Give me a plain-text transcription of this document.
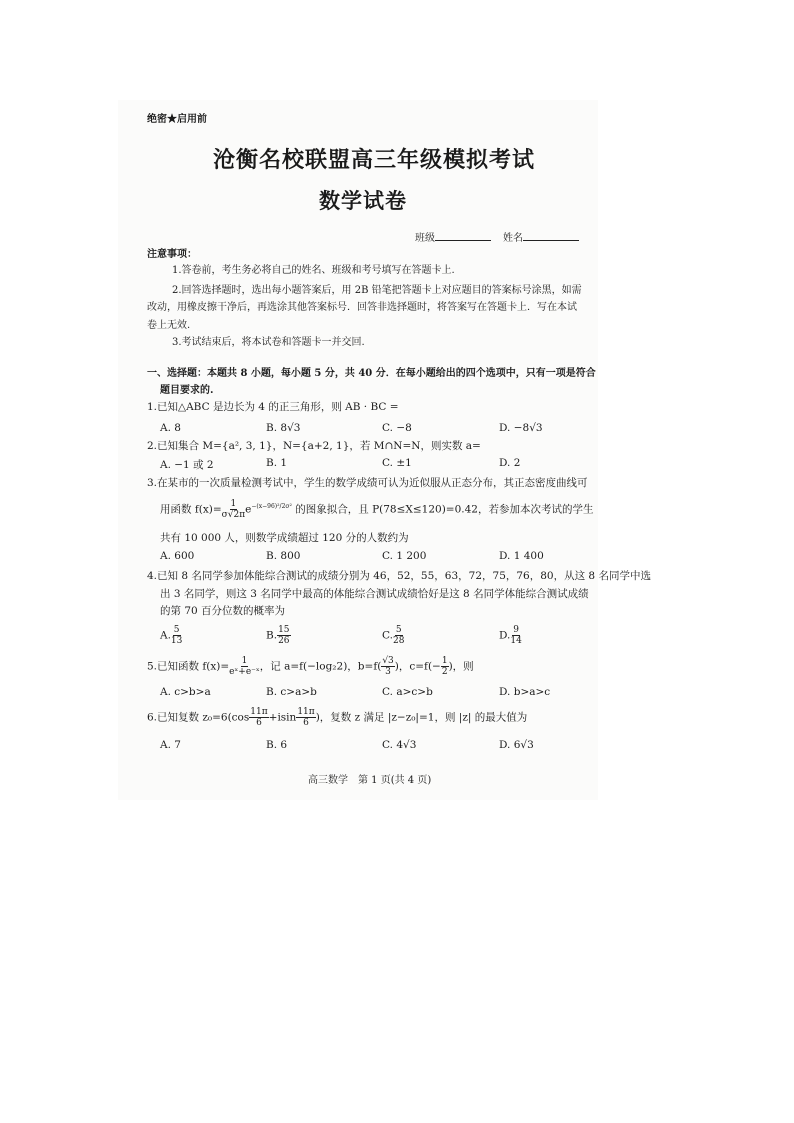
绝密★启用前
沧衡名校联盟高三年级模拟考试
数学试卷
班级	姓名
注意事项：
1.答卷前，考生务必将自己的姓名、班级和考号填写在答题卡上.
2.回答选择题时，选出每小题答案后，用 2B 铅笔把答题卡上对应题目的答案标号涂黑，如需
改动，用橡皮擦干净后，再选涂其他答案标号．回答非选择题时，将答案写在答题卡上．写在本试
卷上无效.
3.考试结束后，将本试卷和答题卡一并交回.
一、选择题：本题共 8 小题，每小题 5 分，共 40 分．在每小题给出的四个选项中，只有一项是符合
题目要求的.
1.已知△ABC 是边长为 4 的正三角形，则 AB · BC =
A. 8	B. 8√3	C. −8	D. −8√3
2.已知集合 M={a², 3, 1}，N={a+2, 1}，若 M∩N=N，则实数 a=
A. −1 或 2	B. 1	C. ±1	D. 2
3.在某市的一次质量检测考试中，学生的数学成绩可认为近似服从正态分布，其正态密度曲线可
用函数 $f(x)= \frac{1}{\sigma√2\pi} e^{-(x-96)^2/2\sigma^2}$ 的图象拟合，且 P(78≤X≤120)=0.42，若参加本次考试的学生
共有 10 000 人，则数学成绩超过 120 分的人数约为
A. 600	B. 800	C. 1 200	D. 1 400
4.已知 8 名同学参加体能综合测试的成绩分别为 46，52，55，63，72，75，76，80，从这 8 名同学中选
出 3 名同学，则这 3 名同学中最高的体能综合测试成绩恰好是这 8 名同学体能综合测试成绩
的第 70 百分位数的概率为
A. $\frac{5}{13}$	B. $\frac{15}{26}$	C. $\frac{5}{28}$	D. $\frac{9}{14}$
5.已知函数 $f(x)= \frac{1}{\text{eˣ+e⁻ˣ}}$ ，记 a=f(−log₂2)，$b=f( \frac{√3}{3}$ )，$c=f(- \frac{1}{2}$ )，则
A. c>b>a	B. c>a>b	C. a>c>b	D. b>a>c
6.已知复数 $z_0=6(\cos \frac{11\pi}{6} +isin \frac{11\pi}{6}$ )，复数 z 满足 |z−z₀|=1，则 |z| 的最大值为
A. 7	B. 6	C. 4√3	D. 6√3
高三数学　第 1 页(共 4 页)
